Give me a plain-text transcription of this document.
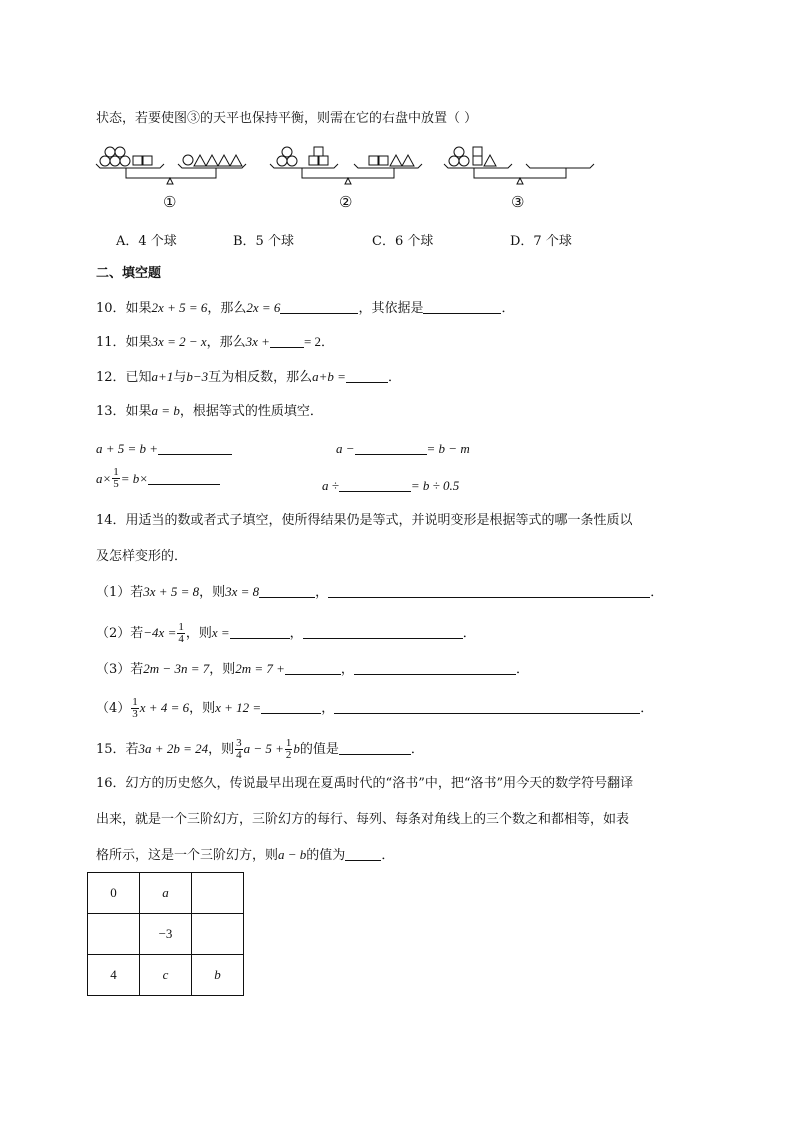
状态，若要使图③的天平也保持平衡，则需在它的右盘中放置（ ）
①	②	③
A．4 个球	B．5 个球	C．6 个球	D．7 个球
二、填空题
10．如果2x + 5 = 6，那么2x = 6	，其依据是	．
11．如果3x = 2 − x，那么3x +	= 2．
12．已知a+1与b−3互为相反数，那么a+b =	．
13．如果a = b，根据等式的性质填空．
a + 5 = b +	a −	= b − m
$a\times \frac{1}{5} = b\times$	a ÷	= b ÷ 0.5
14．用适当的数或者式子填空，使所得结果仍是等式，并说明变形是根据等式的哪一条性质以
及怎样变形的．
（1）若3x + 5 = 8，则3x = 8	，	．
（2）若$-4x = \frac{1}{4}$ ，则x =	，	．
（3）若2m − 3n = 7，则2m = 7 +	，	．
$(4) \frac{1}{3}$ x + 4 = 6，则x + 12 =	，	．
15．若3a + 2b = 24，则 $\frac{3}{4}$ $a - 5 + \frac{1}{2}$ b的值是	．
16．幻方的历史悠久，传说最早出现在夏禹时代的“洛书”中，把“洛书”用今天的数学符号翻译
出来，就是一个三阶幻方，三阶幻方的每行、每列、每条对角线上的三个数之和都相等，如表
格所示，这是一个三阶幻方，则a − b的值为	．
0	a	
	−3	
4	c	b
